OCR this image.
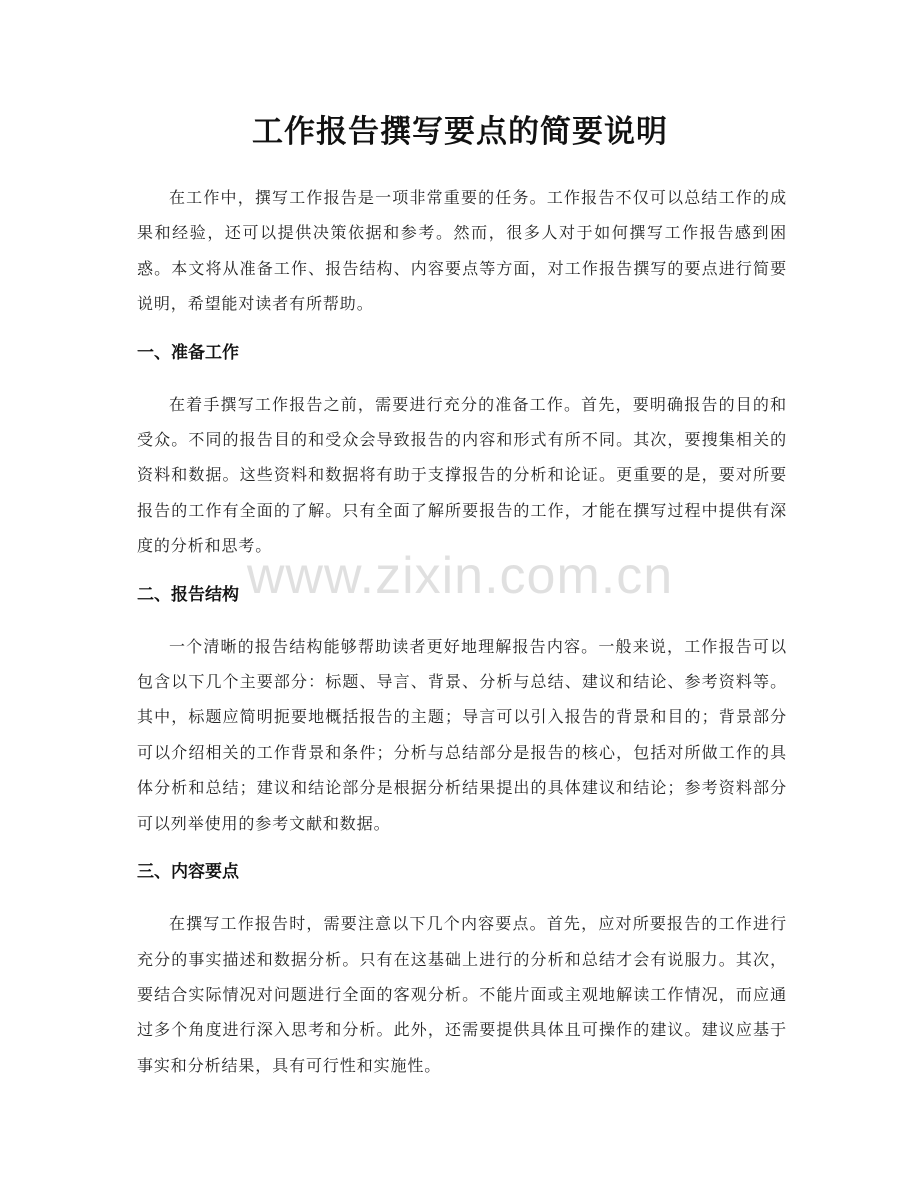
工作报告撰写要点的简要说明

在工作中，撰写工作报告是一项非常重要的任务。工作报告不仅可以总结工作的成果和经验，还可以提供决策依据和参考。然而，很多人对于如何撰写工作报告感到困惑。本文将从准备工作、报告结构、内容要点等方面，对工作报告撰写的要点进行简要说明，希望能对读者有所帮助。

一、准备工作

在着手撰写工作报告之前，需要进行充分的准备工作。首先，要明确报告的目的和受众。不同的报告目的和受众会导致报告的内容和形式有所不同。其次，要搜集相关的资料和数据。这些资料和数据将有助于支撑报告的分析和论证。更重要的是，要对所要报告的工作有全面的了解。只有全面了解所要报告的工作，才能在撰写过程中提供有深度的分析和思考。

二、报告结构

一个清晰的报告结构能够帮助读者更好地理解报告内容。一般来说，工作报告可以包含以下几个主要部分：标题、导言、背景、分析与总结、建议和结论、参考资料等。其中，标题应简明扼要地概括报告的主题；导言可以引入报告的背景和目的；背景部分可以介绍相关的工作背景和条件；分析与总结部分是报告的核心，包括对所做工作的具体分析和总结；建议和结论部分是根据分析结果提出的具体建议和结论；参考资料部分可以列举使用的参考文献和数据。

三、内容要点

在撰写工作报告时，需要注意以下几个内容要点。首先，应对所要报告的工作进行充分的事实描述和数据分析。只有在这基础上进行的分析和总结才会有说服力。其次，要结合实际情况对问题进行全面的客观分析。不能片面或主观地解读工作情况，而应通过多个角度进行深入思考和分析。此外，还需要提供具体且可操作的建议。建议应基于事实和分析结果，具有可行性和实施性。

www.zixin.com.cn
